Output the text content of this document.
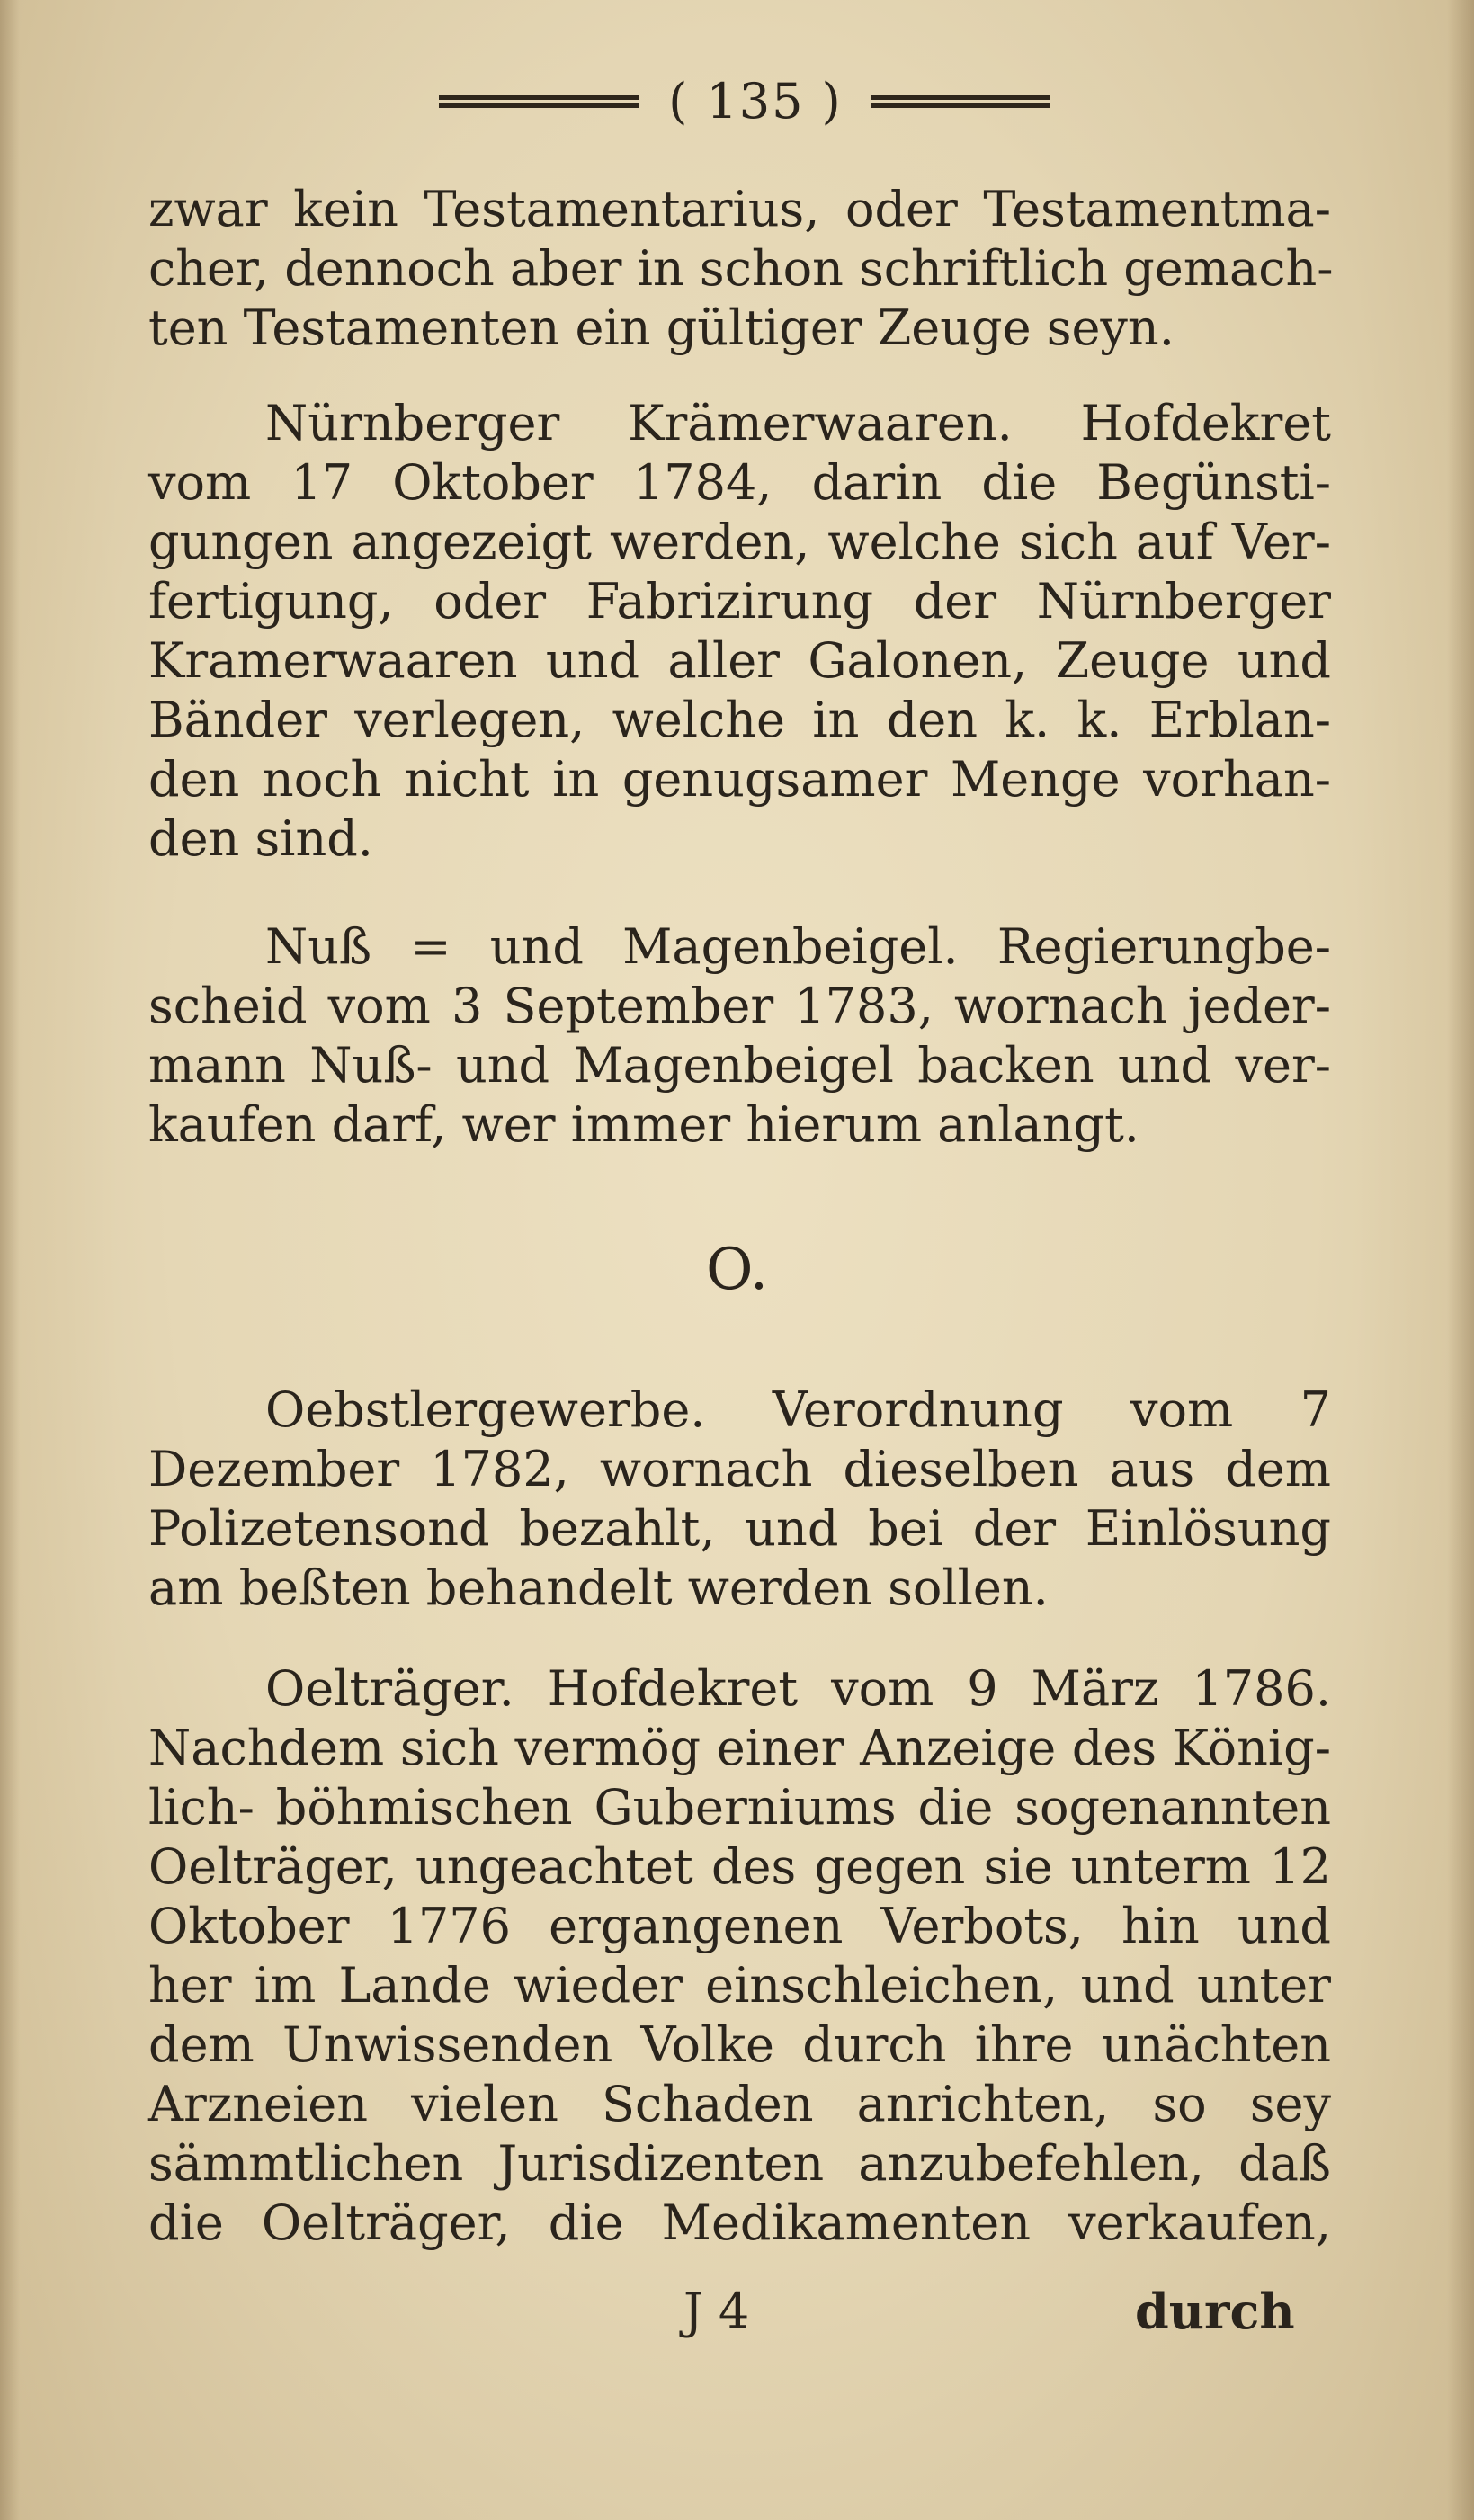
( 135 )
zwar kein Testamentarius, oder Testamentma-
cher, dennoch aber in schon schriftlich gemach-
ten Testamenten ein gültiger Zeuge seyn.
Nürnberger Krämerwaaren. Hofdekret
vom 17 Oktober 1784, darin die Begünsti-
gungen angezeigt werden, welche sich auf Ver-
fertigung, oder Fabrizirung der Nürnberger
Kramerwaaren und aller Galonen, Zeuge und
Bänder verlegen, welche in den k. k. Erblan-
den noch nicht in genugsamer Menge vorhan-
den sind.
Nuß = und Magenbeigel. Regierungbe-
scheid vom 3 September 1783, wornach jeder-
mann Nuß- und Magenbeigel backen und ver-
kaufen darf, wer immer hierum anlangt.
O.
Oebstlergewerbe. Verordnung vom 7
Dezember 1782, wornach dieselben aus dem
Polizetensond bezahlt, und bei der Einlösung
am beßten behandelt werden sollen.
Oelträger. Hofdekret vom 9 März 1786.
Nachdem sich vermög einer Anzeige des König-
lich- böhmischen Guberniums die sogenannten
Oelträger, ungeachtet des gegen sie unterm 12
Oktober 1776 ergangenen Verbots, hin und
her im Lande wieder einschleichen, und unter
dem Unwissenden Volke durch ihre unächten
Arzneien vielen Schaden anrichten, so sey
sämmtlichen Jurisdizenten anzubefehlen, daß
die Oelträger, die Medikamenten verkaufen,
J 4	durch
